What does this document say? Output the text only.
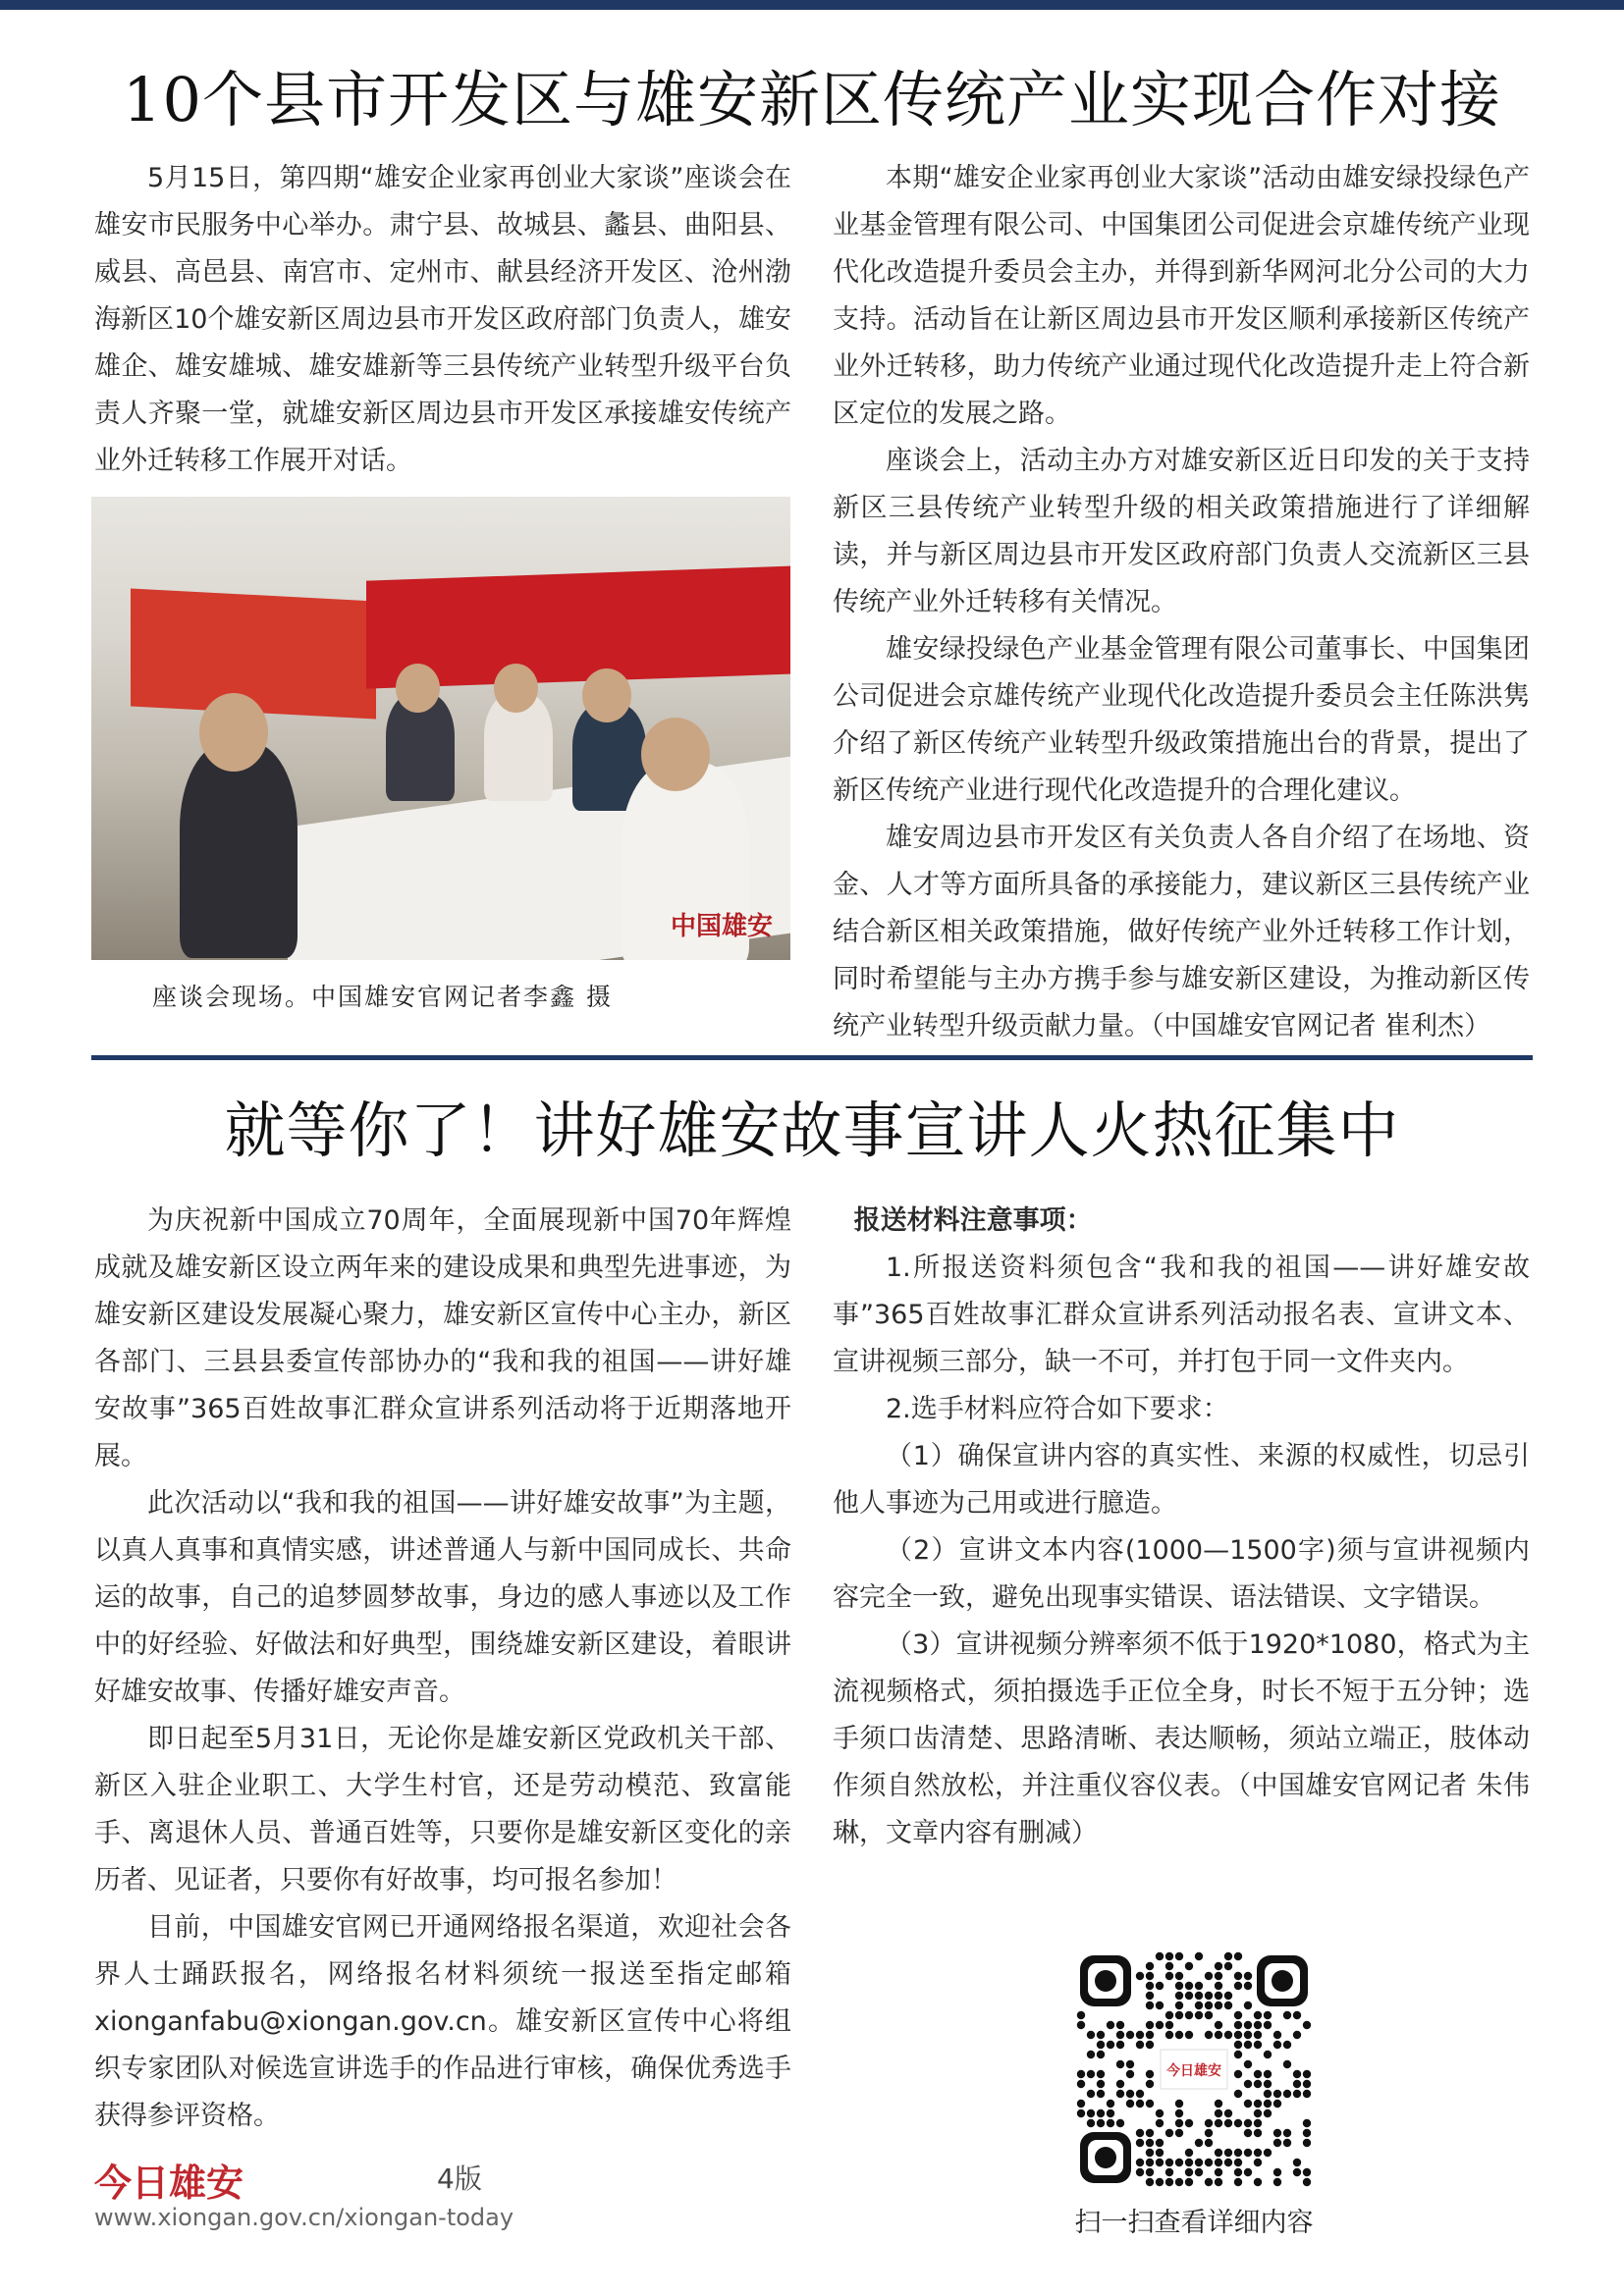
10个县市开发区与雄安新区传统产业实现合作对接

5月15日，第四期“雄安企业家再创业大家谈”座谈会在雄安市民服务中心举办。肃宁县、故城县、蠡县、曲阳县、威县、高邑县、南宫市、定州市、献县经济开发区、沧州渤海新区10个雄安新区周边县市开发区政府部门负责人，雄安雄企、雄安雄城、雄安雄新等三县传统产业转型升级平台负责人齐聚一堂，就雄安新区周边县市开发区承接雄安传统产业外迁转移工作展开对话。

中国雄安
座谈会现场。中国雄安官网记者李鑫 摄

本期“雄安企业家再创业大家谈”活动由雄安绿投绿色产业基金管理有限公司、中国集团公司促进会京雄传统产业现代化改造提升委员会主办，并得到新华网河北分公司的大力支持。活动旨在让新区周边县市开发区顺利承接新区传统产业外迁转移，助力传统产业通过现代化改造提升走上符合新区定位的发展之路。

座谈会上，活动主办方对雄安新区近日印发的关于支持新区三县传统产业转型升级的相关政策措施进行了详细解读，并与新区周边县市开发区政府部门负责人交流新区三县传统产业外迁转移有关情况。

雄安绿投绿色产业基金管理有限公司董事长、中国集团公司促进会京雄传统产业现代化改造提升委员会主任陈洪隽介绍了新区传统产业转型升级政策措施出台的背景，提出了新区传统产业进行现代化改造提升的合理化建议。

雄安周边县市开发区有关负责人各自介绍了在场地、资金、人才等方面所具备的承接能力，建议新区三县传统产业结合新区相关政策措施，做好传统产业外迁转移工作计划，同时希望能与主办方携手参与雄安新区建设，为推动新区传统产业转型升级贡献力量。（中国雄安官网记者 崔利杰）

就等你了！讲好雄安故事宣讲人火热征集中

为庆祝新中国成立70周年，全面展现新中国70年辉煌成就及雄安新区设立两年来的建设成果和典型先进事迹，为雄安新区建设发展凝心聚力，雄安新区宣传中心主办，新区各部门、三县县委宣传部协办的“我和我的祖国——讲好雄安故事”365百姓故事汇群众宣讲系列活动将于近期落地开展。

此次活动以“我和我的祖国——讲好雄安故事”为主题，以真人真事和真情实感，讲述普通人与新中国同成长、共命运的故事，自己的追梦圆梦故事，身边的感人事迹以及工作中的好经验、好做法和好典型，围绕雄安新区建设，着眼讲好雄安故事、传播好雄安声音。

即日起至5月31日，无论你是雄安新区党政机关干部、新区入驻企业职工、大学生村官，还是劳动模范、致富能手、离退休人员、普通百姓等，只要你是雄安新区变化的亲历者、见证者，只要你有好故事，均可报名参加！

目前，中国雄安官网已开通网络报名渠道，欢迎社会各界人士踊跃报名，网络报名材料须统一报送至指定邮箱xionganfabu@xiongan.gov.cn。雄安新区宣传中心将组织专家团队对候选宣讲选手的作品进行审核，确保优秀选手获得参评资格。

报送材料注意事项：

1.所报送资料须包含“我和我的祖国——讲好雄安故事”365百姓故事汇群众宣讲系列活动报名表、宣讲文本、宣讲视频三部分，缺一不可，并打包于同一文件夹内。

2.选手材料应符合如下要求：

（1）确保宣讲内容的真实性、来源的权威性，切忌引他人事迹为己用或进行臆造。

（2）宣讲文本内容(1000—1500字)须与宣讲视频内容完全一致，避免出现事实错误、语法错误、文字错误。

（3）宣讲视频分辨率须不低于1920*1080，格式为主流视频格式，须拍摄选手正位全身，时长不短于五分钟；选手须口齿清楚、思路清晰、表达顺畅，须站立端正，肢体动作须自然放松，并注重仪容仪表。（中国雄安官网记者 朱伟琳，文章内容有删减）

今日雄安	4版
www.xiongan.gov.cn/xiongan-today
今日雄安
扫一扫查看详细内容
